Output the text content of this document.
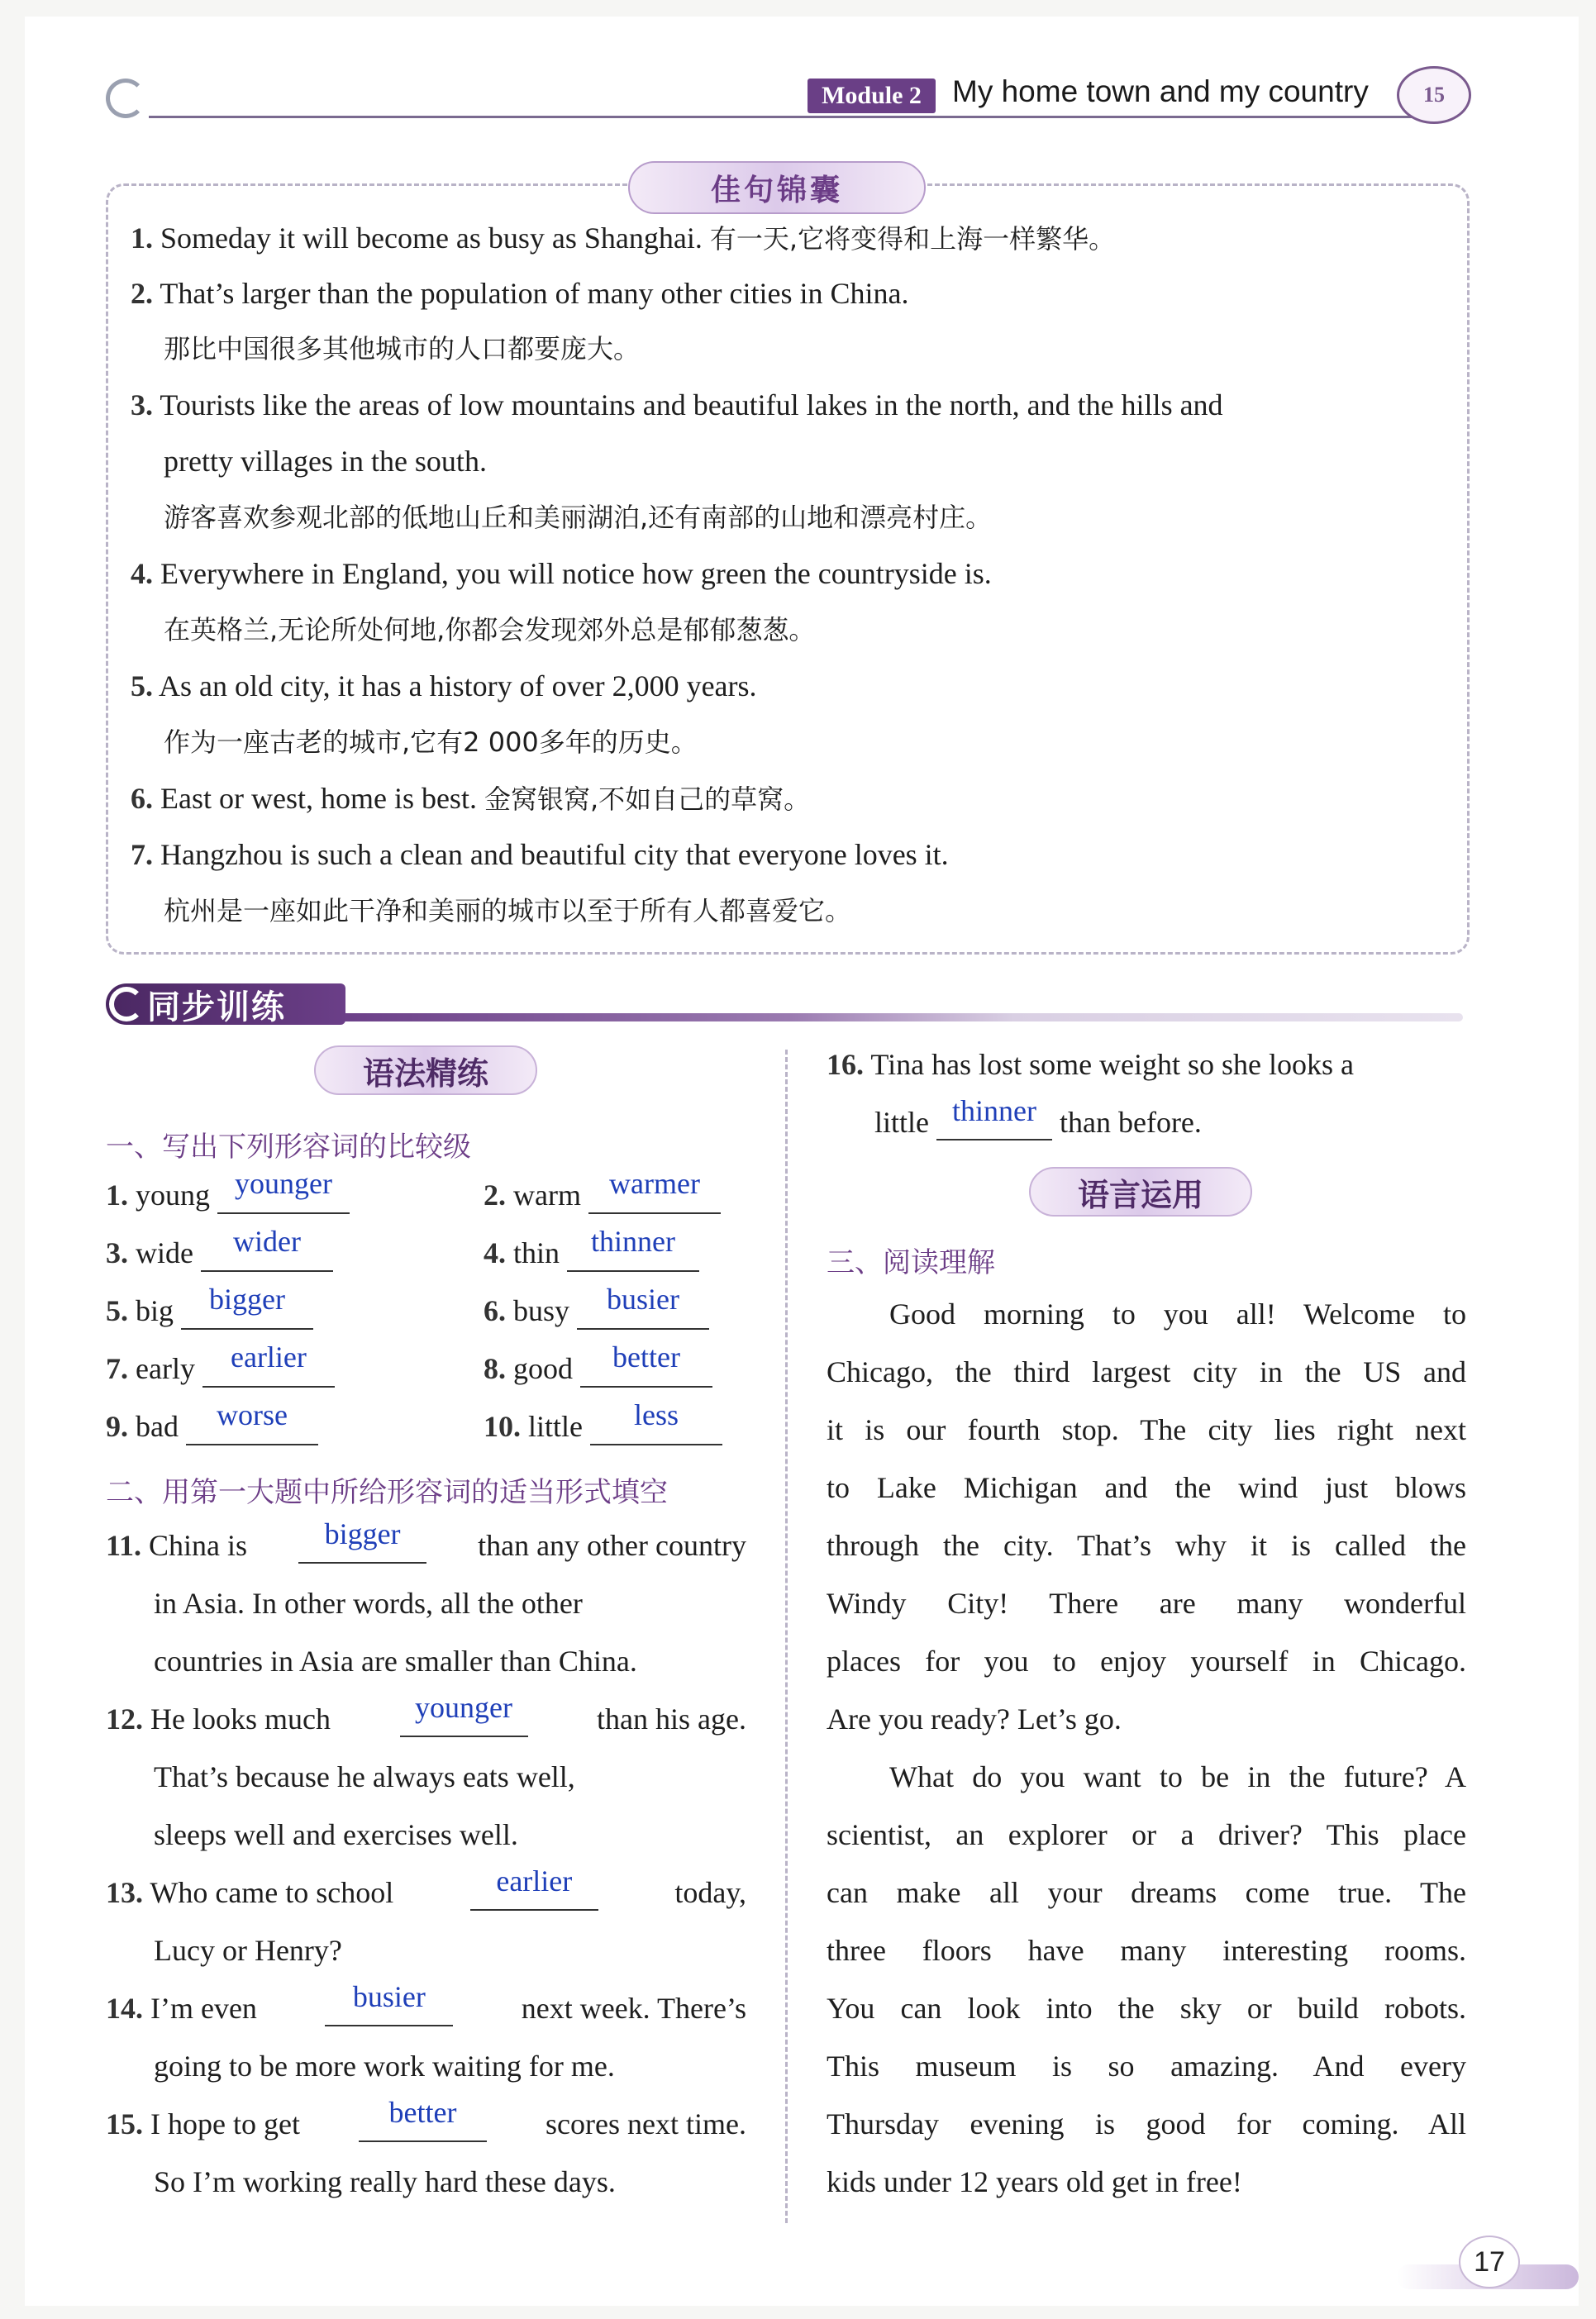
Module 2	My home town and my country	15
佳句锦囊
1. Someday it will become as busy as Shanghai. 有一天,它将变得和上海一样繁华。
2. That’s larger than the population of many other cities in China.
那比中国很多其他城市的人口都要庞大。
3. Tourists like the areas of low mountains and beautiful lakes in the north, and the hills and
pretty villages in the south.
游客喜欢参观北部的低地山丘和美丽湖泊,还有南部的山地和漂亮村庄。
4. Everywhere in England, you will notice how green the countryside is.
在英格兰,无论所处何地,你都会发现郊外总是郁郁葱葱。
5. As an old city, it has a history of over 2,000 years.
作为一座古老的城市,它有2 000多年的历史。
6. East or west, home is best. 金窝银窝,不如自己的草窝。
7. Hangzhou is such a clean and beautiful city that everyone loves it.
杭州是一座如此干净和美丽的城市以至于所有人都喜爱它。
同步训练
语法精练
一、写出下列形容词的比较级
1. young younger	2. warm warmer
3. wide wider	4. thin thinner
5. big bigger	6. busy busier
7. early earlier	8. good better
9. bad worse	10. little less
二、用第一大题中所给形容词的适当形式填空
11. China is	bigger	than any other country
in Asia. In other words, all the other
countries in Asia are smaller than China.
12. He looks much	younger	than his age.
That’s because he always eats well,
sleeps well and exercises well.
13. Who came to school	earlier	today,
Lucy or Henry?
14. I’m even	busier	next week. There’s
going to be more work waiting for me.
15. I hope to get	better	scores next time.
So I’m working really hard these days.
16. Tina has lost some weight so she looks a
little thinner than before.
语言运用
三、阅读理解
Good morning to you all! Welcome to
Chicago, the third largest city in the US and
it is our fourth stop. The city lies right next
to Lake Michigan and the wind just blows
through the city. That’s why it is called the
Windy City! There are many wonderful
places for you to enjoy yourself in Chicago.
Are you ready? Let’s go.
What do you want to be in the future? A
scientist, an explorer or a driver? This place
can make all your dreams come true. The
three floors have many interesting rooms.
You can look into the sky or build robots.
This museum is so amazing. And every
Thursday evening is good for coming. All
kids under 12 years old get in free!
17
